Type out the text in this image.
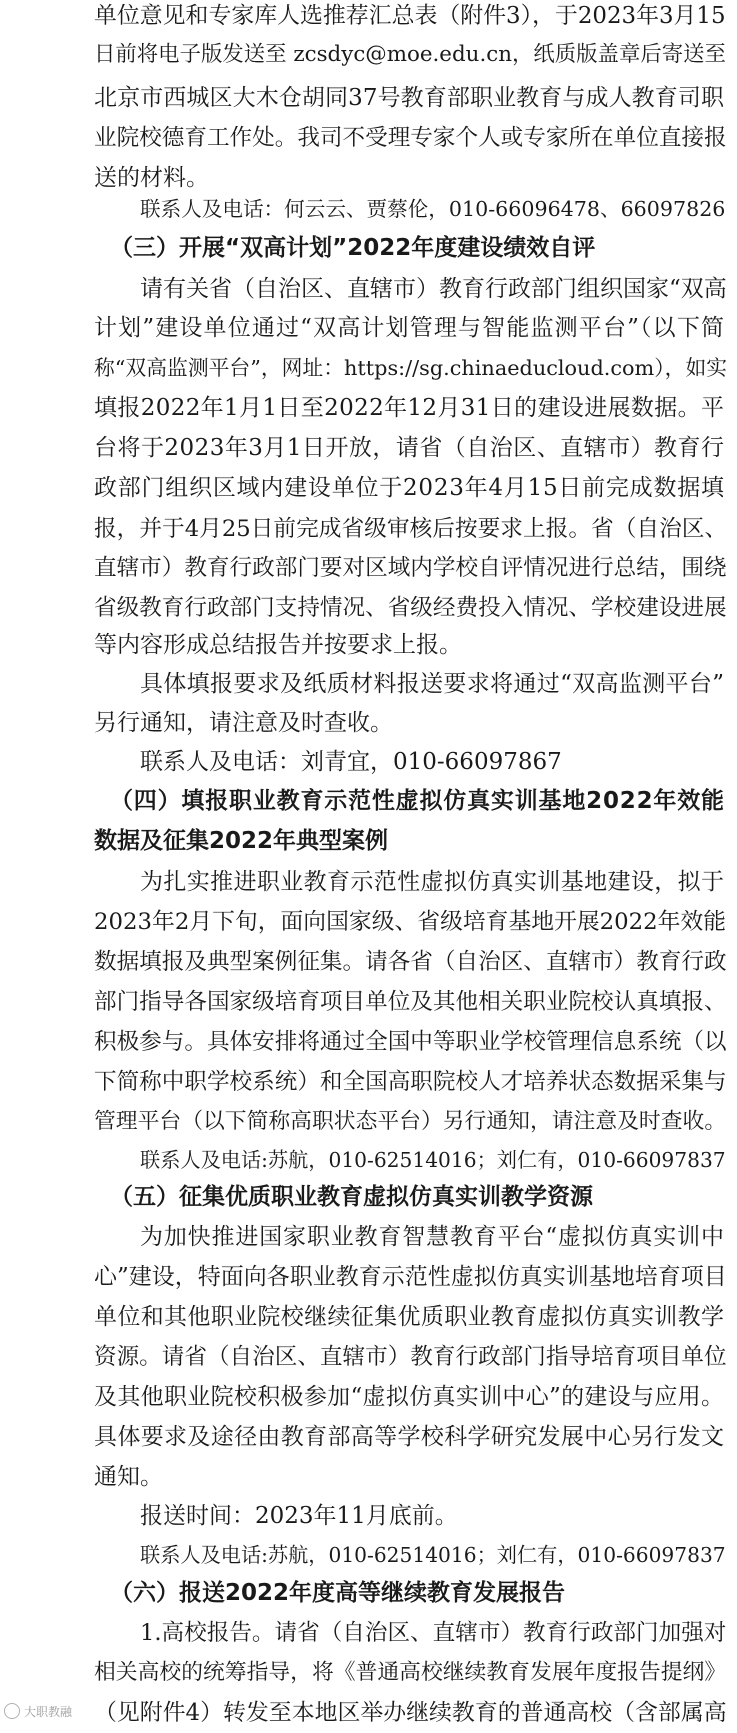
单位意见和专家库人选推荐汇总表（附件3），于2023年3月15
日前将电子版发送至 zcsdyc@moe.edu.cn，纸质版盖章后寄送至
北京市西城区大木仓胡同37号教育部职业教育与成人教育司职
业院校德育工作处。我司不受理专家个人或专家所在单位直接报
送的材料。
联系人及电话：何云云、贾蔡伦，010-66096478、66097826
（三）开展“双高计划”2022年度建设绩效自评
请有关省（自治区、直辖市）教育行政部门组织国家“双高
计划”建设单位通过“双高计划管理与智能监测平台”（以下简
称“双高监测平台”，网址：https://sg.chinaeducloud.com），如实
填报2022年1月1日至2022年12月31日的建设进展数据。平
台将于2023年3月1日开放，请省（自治区、直辖市）教育行
政部门组织区域内建设单位于2023年4月15日前完成数据填
报，并于4月25日前完成省级审核后按要求上报。省（自治区、
直辖市）教育行政部门要对区域内学校自评情况进行总结，围绕
省级教育行政部门支持情况、省级经费投入情况、学校建设进展
等内容形成总结报告并按要求上报。
具体填报要求及纸质材料报送要求将通过“双高监测平台”
另行通知，请注意及时查收。
联系人及电话：刘青宜，010-66097867
（四）填报职业教育示范性虚拟仿真实训基地2022年效能
数据及征集2022年典型案例
为扎实推进职业教育示范性虚拟仿真实训基地建设，拟于
2023年2月下旬，面向国家级、省级培育基地开展2022年效能
数据填报及典型案例征集。请各省（自治区、直辖市）教育行政
部门指导各国家级培育项目单位及其他相关职业院校认真填报、
积极参与。具体安排将通过全国中等职业学校管理信息系统（以
下简称中职学校系统）和全国高职院校人才培养状态数据采集与
管理平台（以下简称高职状态平台）另行通知，请注意及时查收。
联系人及电话:苏航，010-62514016；刘仁有，010-66097837
（五）征集优质职业教育虚拟仿真实训教学资源
为加快推进国家职业教育智慧教育平台“虚拟仿真实训中
心”建设，特面向各职业教育示范性虚拟仿真实训基地培育项目
单位和其他职业院校继续征集优质职业教育虚拟仿真实训教学
资源。请省（自治区、直辖市）教育行政部门指导培育项目单位
及其他职业院校积极参加“虚拟仿真实训中心”的建设与应用。
具体要求及途径由教育部高等学校科学研究发展中心另行发文
通知。
报送时间：2023年11月底前。
联系人及电话:苏航，010-62514016；刘仁有，010-66097837
（六）报送2022年度高等继续教育发展报告
1.高校报告。请省（自治区、直辖市）教育行政部门加强对
相关高校的统筹指导，将《普通高校继续教育发展年度报告提纲》
（见附件4）转发至本地区举办继续教育的普通高校（含部属高
大职教融
